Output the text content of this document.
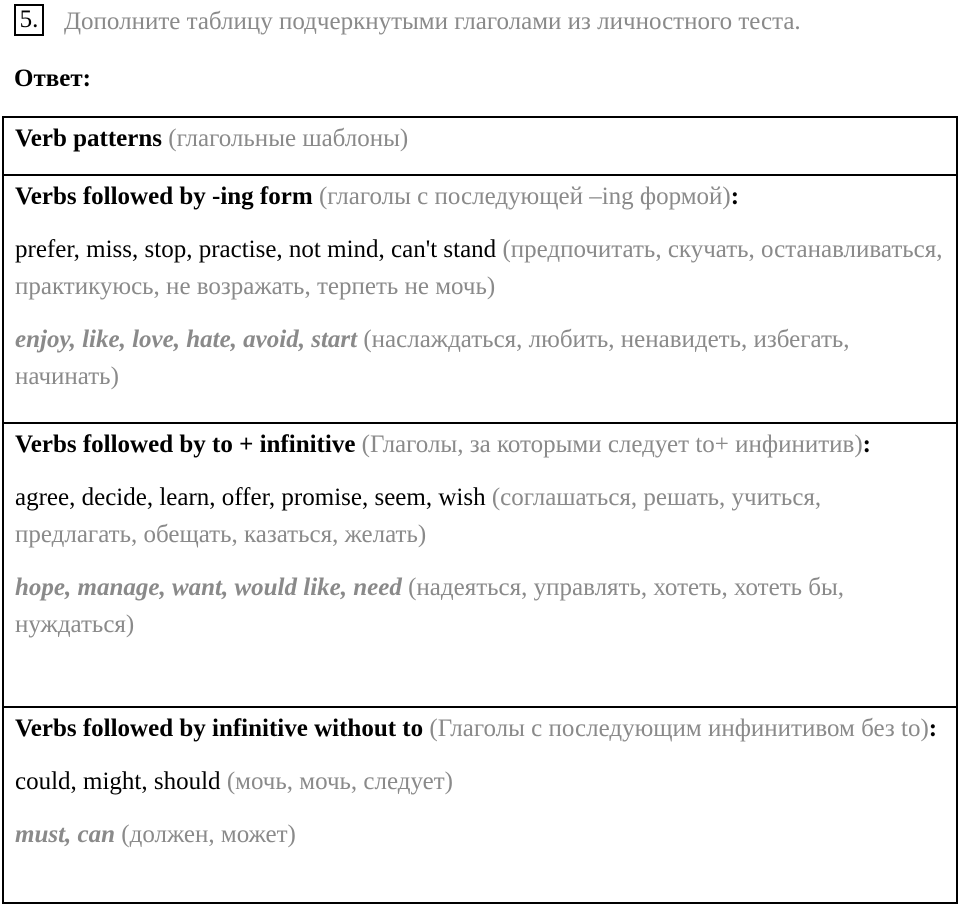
5. Дополните таблицу подчеркнутыми глаголами из личностного теста.
Ответ:

Verb patterns (глагольные шаблоны)

Verbs followed by -ing form (глаголы с последующей –ing формой):

prefer, miss, stop, practise, not mind, can't stand (предпочитать, скучать, останавливаться, практикуюсь, не возражать, терпеть не мочь)

enjoy, like, love, hate, avoid, start (наслаждаться, любить, ненавидеть, избегать, начинать)

Verbs followed by to + infinitive (Глаголы, за которыми следует to+ инфинитив):

agree, decide, learn, offer, promise, seem, wish (соглашаться, решать, учиться, предлагать, обещать, казаться, желать)

hope, manage, want, would like, need (надеяться, управлять, хотеть, хотеть бы, нуждаться)

Verbs followed by infinitive without to (Глаголы с последующим инфинитивом без to):

could, might, should (мочь, мочь, следует)

must, can (должен, может)
